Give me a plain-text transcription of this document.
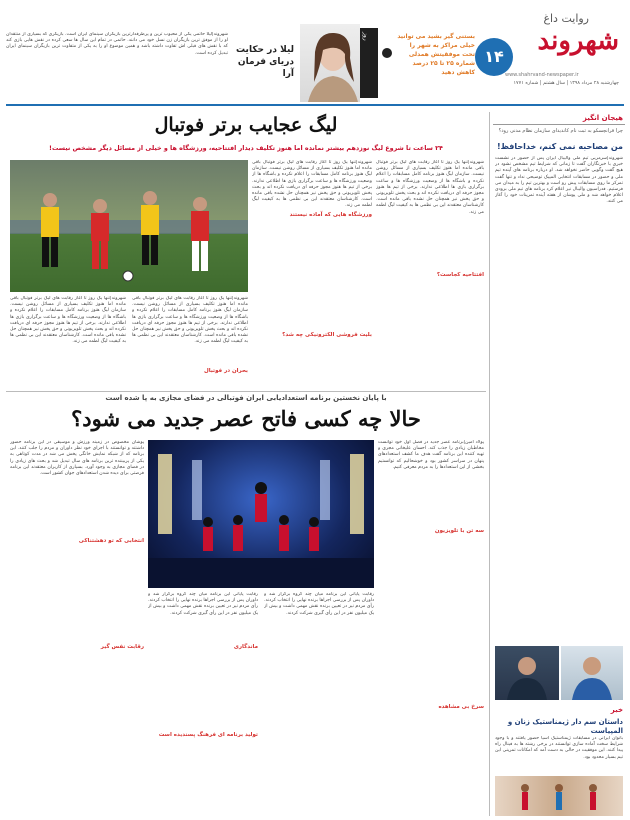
روایت داغ
شهروند
www.shahrvand-newspaper.ir
چهارشنبه ۲۸ مرداد ۱۳۹۸ | سال هشتم | شماره ۱۷۷۱
۱۴
بستنی گیر بشید می توانید خیلی مراکز به شهر را تحت موفقیتش همدلی شماره ۲۵ تا ۲۵ درصد کاهش دهید
روز
لیلا در حکایت دریای فرمان آرا
شهروند|لیلا حاتمی یکی از محبوب ترین و پرطرفدارترین بازیگران سینمای ایران است. بازیگری که بسیاری از منتقدان او را از موفق ترین بازیگران زن نسل خود می دانند. حاتمی در تمام این سال ها سعی کرده در نقش هایی بازی کند که با نقش های قبلی اش تفاوت داشته باشد و همین موضوع او را به یکی از متفاوت ترین بازیگران سینمای ایران تبدیل کرده است.
هیجان انگیز
چرا فرانچسکو به ثبت نام کاندیدای سازمان نظام مدنی رود؟
من مصاحبه نمی کنم، خداحافظ!
شهروند|سرمربی تیم ملی والیبال ایران پس از حضور در نشست خبری با خبرنگاران گفت تا زمانی که شرایط تیم مشخص نشود در هیچ گفت وگویی حاضر نخواهد شد. او درباره برنامه های آینده تیم ملی و حضور در مسابقات انتخابی المپیک توضیحی نداد و تنها گفت تمرکز ما روی مسابقات پیش رو است و بهترین تیم را به میدان می فرستیم. فدراسیون والیبال نیز اعلام کرد برنامه های تیم ملی بزودی اعلام خواهد شد و ملی پوشان از هفته آینده تمرینات خود را آغاز می کنند.
خبر
داستان سم دار ژیمناستیک زنان و المپیاست
بانوان ایرانی در مسابقات ژیمناستیک آسیا حضور یافتند و با وجود شرایط سخت آماده سازی توانستند در برخی رشته ها به فینال راه پیدا کنند. این موفقیت در حالی به دست آمد که امکانات تمرینی این تیم بسیار محدود بود.
لیگ عجایب برتر فوتبال
۲۴ ساعت تا شروع لیگ نوزدهم بیشتر نمانده اما هنوز تکلیف دیدار افتتاحیه، ورزشگاه ها و خیلی از مسائل دیگر مشخص نیست!
شهروند|تنها یک روز تا آغاز رقابت های لیگ برتر فوتبال باقی مانده اما هنوز تکلیف بسیاری از مسائل روشن نیست. سازمان لیگ هنوز برنامه کامل مسابقات را اعلام نکرده و باشگاه ها از وضعیت ورزشگاه ها و ساعت برگزاری بازی ها اطلاعی ندارند. برخی از تیم ها هنوز مجوز حرفه ای دریافت نکرده اند و بحث پخش تلویزیونی و حق پخش نیز همچنان حل نشده باقی مانده است. کارشناسان معتقدند این بی نظمی ها به کیفیت لیگ لطمه می زند.
شهروند|تنها یک روز تا آغاز رقابت های لیگ برتر فوتبال باقی مانده اما هنوز تکلیف بسیاری از مسائل روشن نیست. سازمان لیگ هنوز برنامه کامل مسابقات را اعلام نکرده و باشگاه ها از وضعیت ورزشگاه ها و ساعت برگزاری بازی ها اطلاعی ندارند. برخی از تیم ها هنوز مجوز حرفه ای دریافت نکرده اند و بحث پخش تلویزیونی و حق پخش نیز همچنان حل نشده باقی مانده است. کارشناسان معتقدند این بی نظمی ها به کیفیت لیگ لطمه می زند.
افتتاحیه کجاست؟
ورزشگاه هایی که آماده نیستند
بلیت فروشی الکترونیکی چه شد؟
شهروند|تنها یک روز تا آغاز رقابت های لیگ برتر فوتبال باقی مانده اما هنوز تکلیف بسیاری از مسائل روشن نیست. سازمان لیگ هنوز برنامه کامل مسابقات را اعلام نکرده و باشگاه ها از وضعیت ورزشگاه ها و ساعت برگزاری بازی ها اطلاعی ندارند. برخی از تیم ها هنوز مجوز حرفه ای دریافت نکرده اند و بحث پخش تلویزیونی و حق پخش نیز همچنان حل نشده باقی مانده است. کارشناسان معتقدند این بی نظمی ها به کیفیت لیگ لطمه می زند.
شهروند|تنها یک روز تا آغاز رقابت های لیگ برتر فوتبال باقی مانده اما هنوز تکلیف بسیاری از مسائل روشن نیست. سازمان لیگ هنوز برنامه کامل مسابقات را اعلام نکرده و باشگاه ها از وضعیت ورزشگاه ها و ساعت برگزاری بازی ها اطلاعی ندارند. برخی از تیم ها هنوز مجوز حرفه ای دریافت نکرده اند و بحث پخش تلویزیونی و حق پخش نیز همچنان حل نشده باقی مانده است. کارشناسان معتقدند این بی نظمی ها به کیفیت لیگ لطمه می زند.
بحران در فوتبال
با پایان نخستین برنامه استعدادیابی ایران فوتبالی در فضای مجازی به پا شده است
حالا چه کسی فاتح عصر جدید می شود؟
پولاد امین|برنامه عصر جدید در فصل اول خود توانست مخاطبان زیادی را جذب کند. احسان علیخانی مجری و تهیه کننده این برنامه گفت هدف ما کشف استعدادهای پنهان در سراسر کشور بود و خوشحالیم که توانستیم بخشی از این استعدادها را به مردم معرفی کنیم.
سه تن با تلویزیون
سرخ بی مشاهده
پوشان مخصوص در زمینه ورزش و موسیقی در این برنامه حضور داشتند و توانستند با اجرای خود نظر داوران و مردم را جلب کنند. این برنامه که از شبکه نمایش خانگی پخش می شد در مدت کوتاهی به یکی از پربیننده ترین برنامه های سال تبدیل شد و بحث های زیادی را در فضای مجازی به وجود آورد. بسیاری از کاربران معتقدند این برنامه فرصتی برای دیده شدن استعدادهای جوان کشور است.
انتخابی که تو دهشتناکی
رقابت نفس گیر
رقابت پایانی این برنامه میان چند گروه برگزار شد و داوران پس از بررسی اجراها برنده نهایی را انتخاب کردند. رأی مردم نیز در تعیین برنده نقش مهمی داشت و بیش از یک میلیون نفر در این رأی گیری شرکت کردند.
رقابت پایانی این برنامه میان چند گروه برگزار شد و داوران پس از بررسی اجراها برنده نهایی را انتخاب کردند. رأی مردم نیز در تعیین برنده نقش مهمی داشت و بیش از یک میلیون نفر در این رأی گیری شرکت کردند.
ماندگاری
تولید برنامه ای فرهنگ پسندیده است
